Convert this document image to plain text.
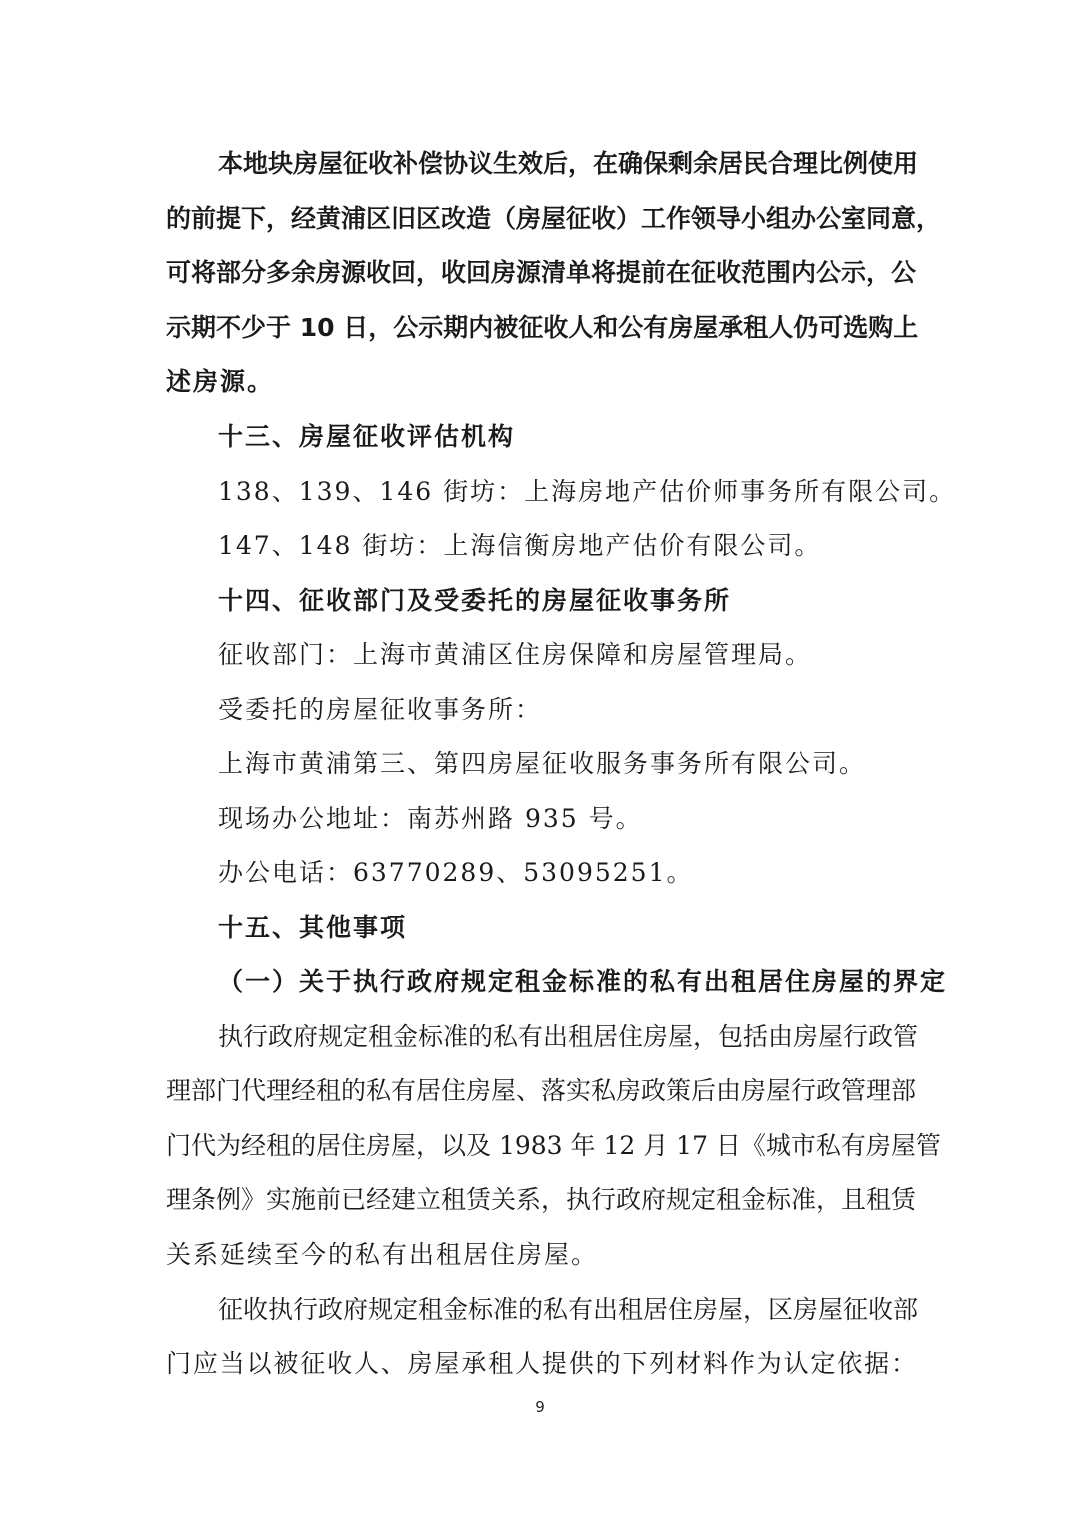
本地块房屋征收补偿协议生效后，在确保剩余居民合理比例使用
的前提下，经黄浦区旧区改造（房屋征收）工作领导小组办公室同意，
可将部分多余房源收回，收回房源清单将提前在征收范围内公示，公
示期不少于 10 日，公示期内被征收人和公有房屋承租人仍可选购上
述房源。
十三、房屋征收评估机构
138、139、146 街坊：上海房地产估价师事务所有限公司。
147、148 街坊：上海信衡房地产估价有限公司。
十四、征收部门及受委托的房屋征收事务所
征收部门：上海市黄浦区住房保障和房屋管理局。
受委托的房屋征收事务所：
上海市黄浦第三、第四房屋征收服务事务所有限公司。
现场办公地址：南苏州路 935 号。
办公电话：63770289、53095251。
十五、其他事项
（一）关于执行政府规定租金标准的私有出租居住房屋的界定
执行政府规定租金标准的私有出租居住房屋，包括由房屋行政管
理部门代理经租的私有居住房屋、落实私房政策后由房屋行政管理部
门代为经租的居住房屋，以及 1983 年 12 月 17 日《城市私有房屋管
理条例》实施前已经建立租赁关系，执行政府规定租金标准，且租赁
关系延续至今的私有出租居住房屋。
征收执行政府规定租金标准的私有出租居住房屋，区房屋征收部
门应当以被征收人、房屋承租人提供的下列材料作为认定依据：
9
